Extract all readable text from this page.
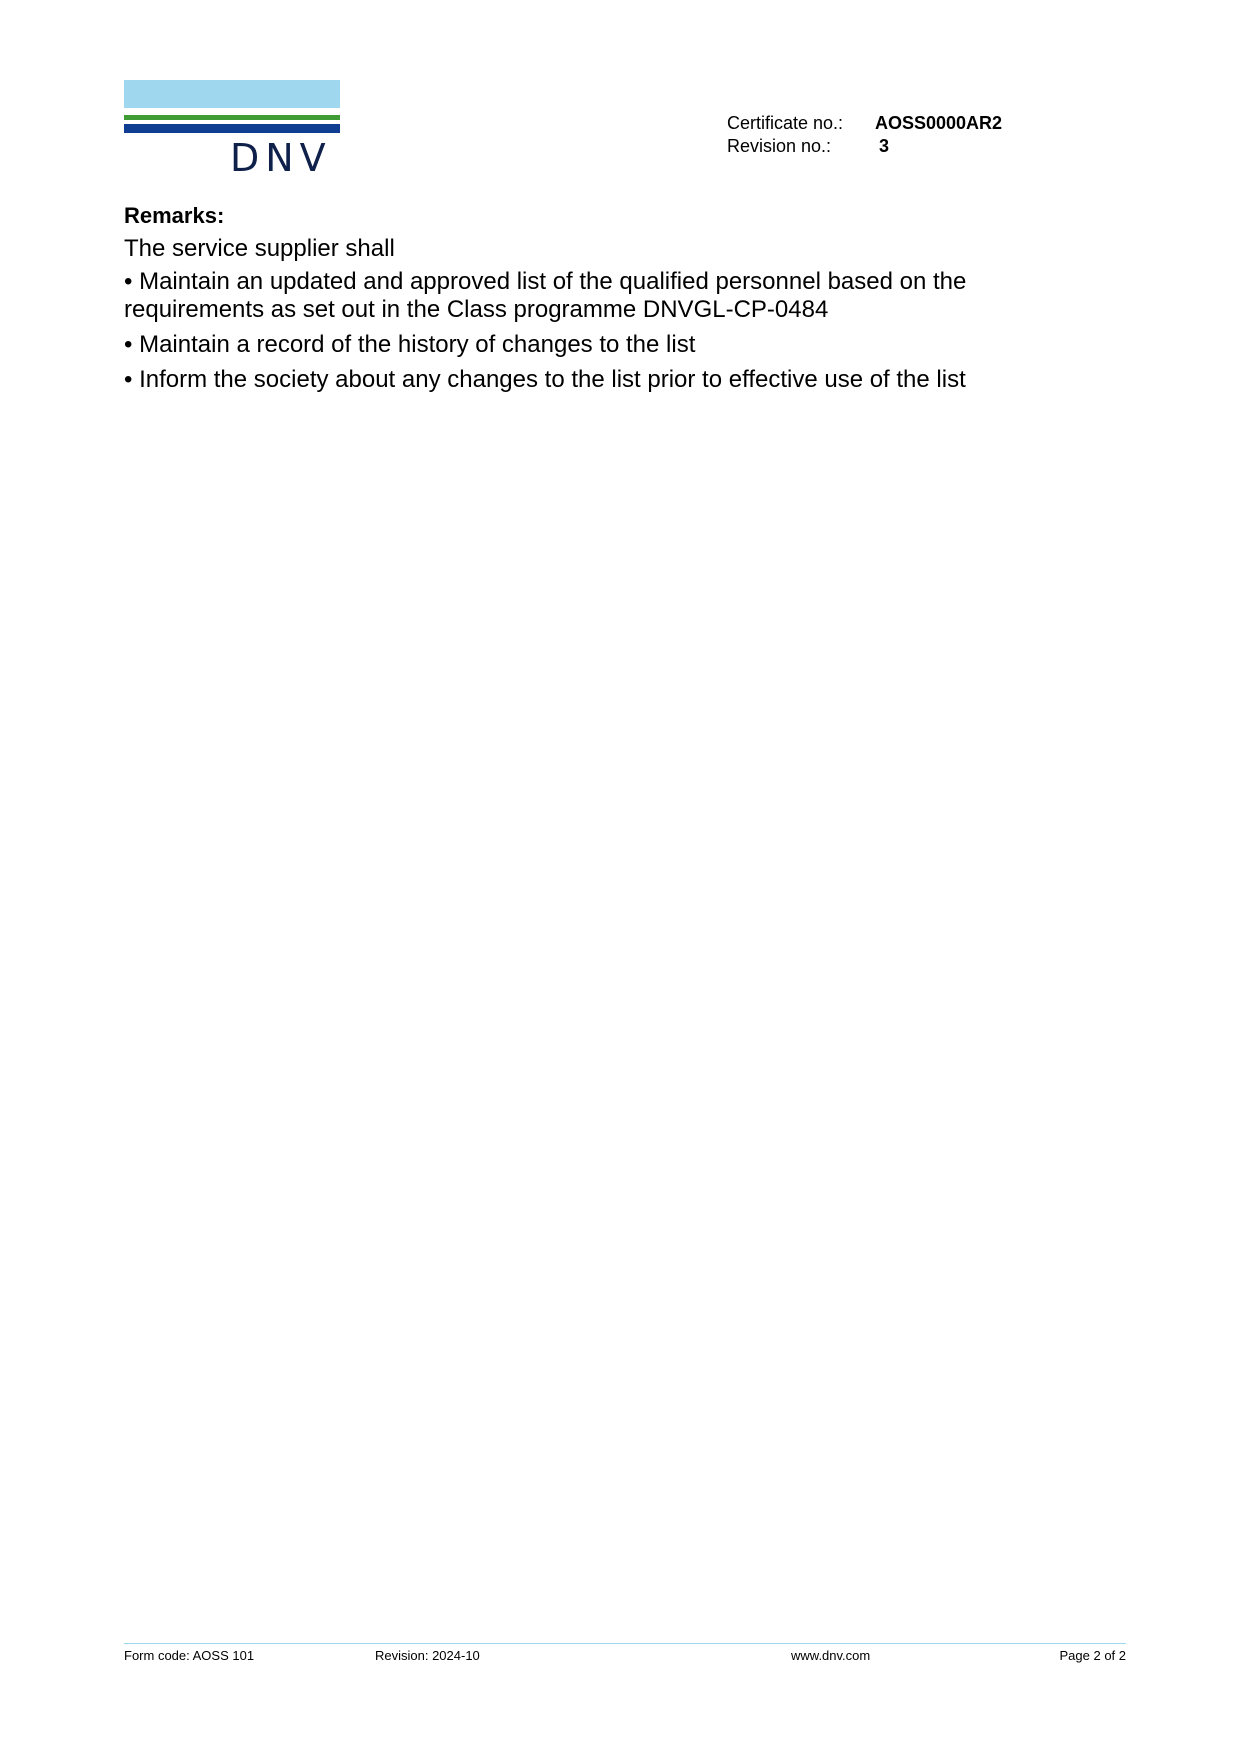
DNV
Certificate no.: AOSS0000AR2
Revision no.:	3
Remarks:
The service supplier shall
• Maintain an updated and approved list of the qualified personnel based on the requirements as set out in the Class programme DNVGL-CP-0484
• Maintain a record of the history of changes to the list
• Inform the society about any changes to the list prior to effective use of the list
Form code: AOSS 101	Revision: 2024-10	www.dnv.com	Page 2 of 2
